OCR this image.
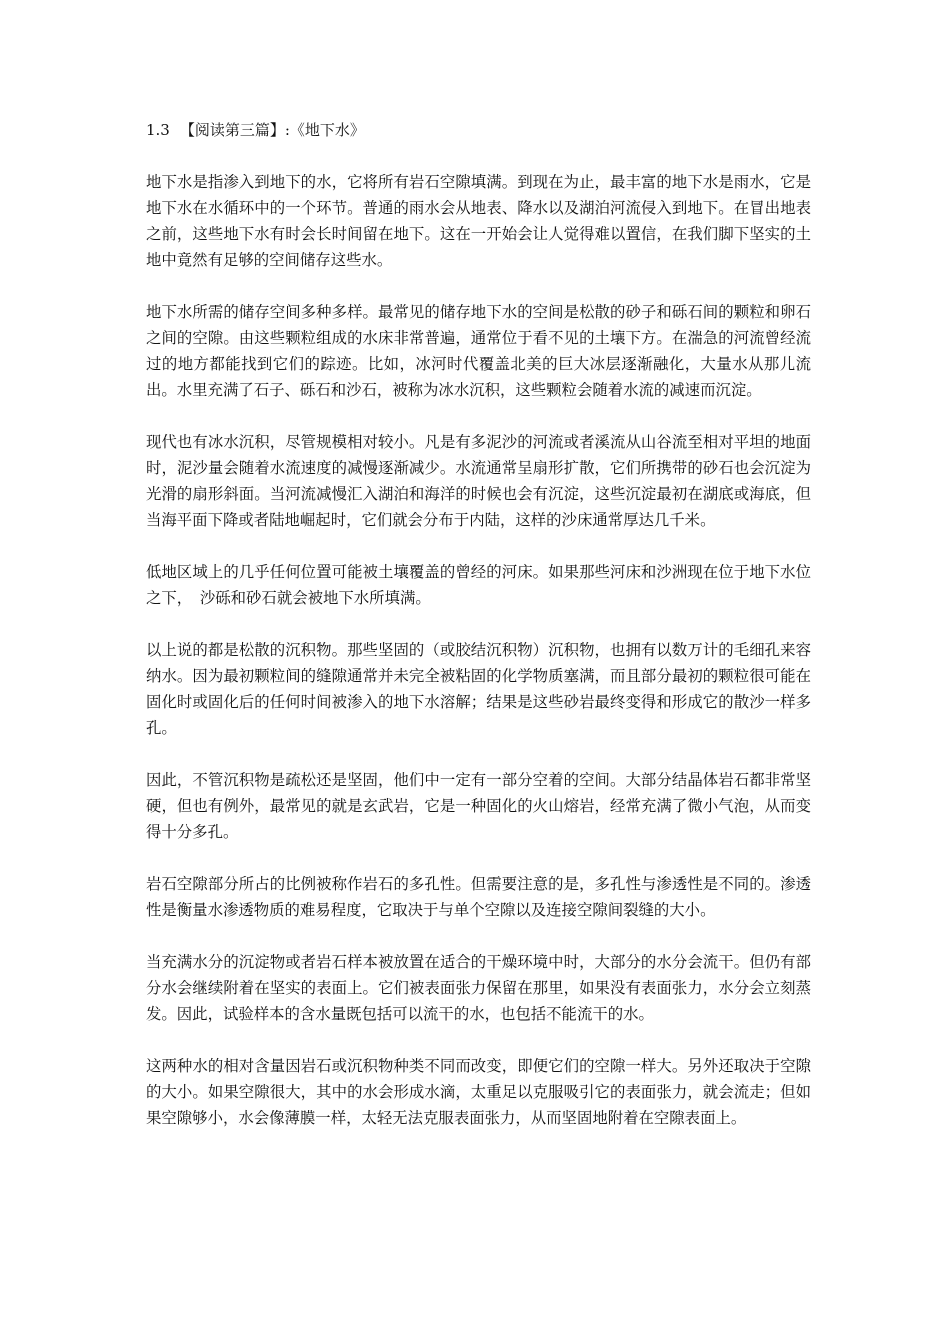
1.3 【阅读第三篇】:《地下水》

地下水是指渗入到地下的水，它将所有岩石空隙填满。到现在为止，最丰富的地下水是雨水，它是地下水在水循环中的一个环节。普通的雨水会从地表、降水以及湖泊河流侵入到地下。在冒出地表之前，这些地下水有时会长时间留在地下。这在一开始会让人觉得难以置信，在我们脚下坚实的土地中竟然有足够的空间储存这些水。

地下水所需的储存空间多种多样。最常见的储存地下水的空间是松散的砂子和砾石间的颗粒和卵石之间的空隙。由这些颗粒组成的水床非常普遍，通常位于看不见的土壤下方。在湍急的河流曾经流过的地方都能找到它们的踪迹。比如，冰河时代覆盖北美的巨大冰层逐渐融化，大量水从那儿流出。水里充满了石子、砾石和沙石，被称为冰水沉积，这些颗粒会随着水流的减速而沉淀。

现代也有冰水沉积，尽管规模相对较小。凡是有多泥沙的河流或者溪流从山谷流至相对平坦的地面时，泥沙量会随着水流速度的减慢逐渐减少。水流通常呈扇形扩散，它们所携带的砂石也会沉淀为光滑的扇形斜面。当河流减慢汇入湖泊和海洋的时候也会有沉淀，这些沉淀最初在湖底或海底，但当海平面下降或者陆地崛起时，它们就会分布于内陆，这样的沙床通常厚达几千米。

低地区域上的几乎任何位置可能被土壤覆盖的曾经的河床。如果那些河床和沙洲现在位于地下水位之下，　沙砾和砂石就会被地下水所填满。

以上说的都是松散的沉积物。那些坚固的（或胶结沉积物）沉积物，也拥有以数万计的毛细孔来容纳水。因为最初颗粒间的缝隙通常并未完全被粘固的化学物质塞满，而且部分最初的颗粒很可能在固化时或固化后的任何时间被渗入的地下水溶解；结果是这些砂岩最终变得和形成它的散沙一样多孔。

因此，不管沉积物是疏松还是坚固，他们中一定有一部分空着的空间。大部分结晶体岩石都非常坚硬，但也有例外，最常见的就是玄武岩，它是一种固化的火山熔岩，经常充满了微小气泡，从而变得十分多孔。

岩石空隙部分所占的比例被称作岩石的多孔性。但需要注意的是，多孔性与渗透性是不同的。渗透性是衡量水渗透物质的难易程度，它取决于与单个空隙以及连接空隙间裂缝的大小。

当充满水分的沉淀物或者岩石样本被放置在适合的干燥环境中时，大部分的水分会流干。但仍有部分水会继续附着在坚实的表面上。它们被表面张力保留在那里，如果没有表面张力，水分会立刻蒸发。因此，试验样本的含水量既包括可以流干的水，也包括不能流干的水。

这两种水的相对含量因岩石或沉积物种类不同而改变，即便它们的空隙一样大。另外还取决于空隙的大小。如果空隙很大，其中的水会形成水滴，太重足以克服吸引它的表面张力，就会流走；但如果空隙够小，水会像薄膜一样，太轻无法克服表面张力，从而坚固地附着在空隙表面上。
